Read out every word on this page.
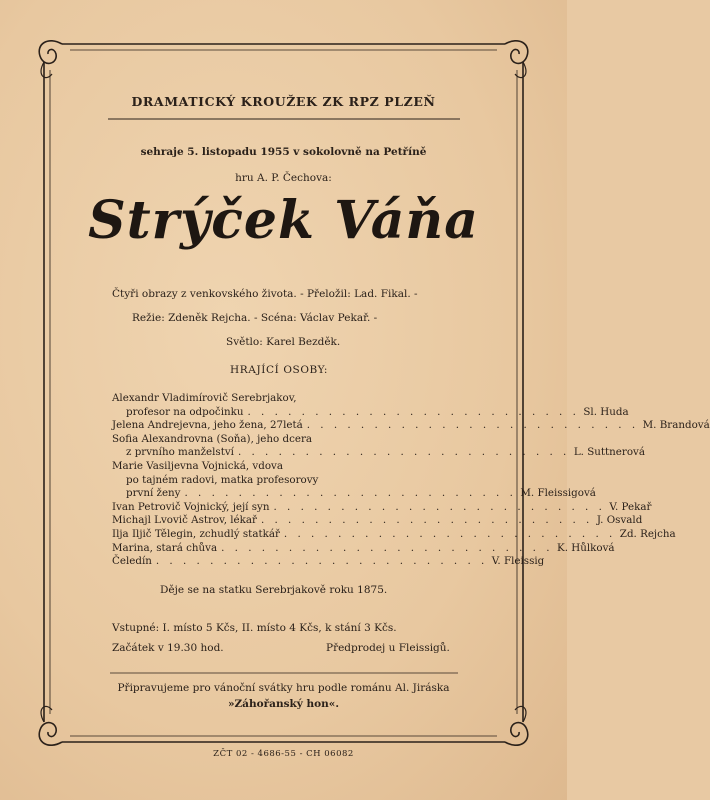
DRAMATICKÝ KROUŽEK ZK RPZ PLZEŇ
sehraje 5. listopadu 1955 v sokolovně na Petříně
hru A. P. Čechova:
Strýček Váňa
Čtyři obrazy z venkovského života. - Přeložil: Lad. Fikal. -
Režie: Zdeněk Rejcha. - Scéna: Václav Pekař. -
Světlo: Karel Bezděk.
HRAJÍCÍ OSOBY:
Alexandr Vladimírovič Serebrjakov,
profesor na odpočinku . . . . . . . . . . . . . . . . . . . . . . . . . Sl. Huda
Jelena Andrejevna, jeho žena, 27letá . . . . . . . . . . . . . . . . . . . . . . . . . M. Brandová
Sofia Alexandrovna (Soňa), jeho dcera
z prvního manželství . . . . . . . . . . . . . . . . . . . . . . . . . L. Suttnerová
Marie Vasiljevna Vojnická, vdova
po tajném radovi, matka profesorovy
první ženy . . . . . . . . . . . . . . . . . . . . . . . . . M. Fleissigová
Ivan Petrovič Vojnický, její syn . . . . . . . . . . . . . . . . . . . . . . . . . V. Pekař
Michajl Lvovič Astrov, lékař . . . . . . . . . . . . . . . . . . . . . . . . . J. Osvald
Ilja Iljič Tělegin, zchudlý statkář . . . . . . . . . . . . . . . . . . . . . . . . . Zd. Rejcha
Marina, stará chůva . . . . . . . . . . . . . . . . . . . . . . . . . K. Hůlková
Čeledín . . . . . . . . . . . . . . . . . . . . . . . . . V. Fleissig
Děje se na statku Serebrjakově roku 1875.
Vstupné: I. místo 5 Kčs, II. místo 4 Kčs, k stání 3 Kčs.
Začátek v 19.30 hod.	Předprodej u Fleissigů.
Připravujeme pro vánoční svátky hru podle románu Al. Jiráska
»Záhořanský hon«.
ZČT 02 - 4686-55 - CH 06082
